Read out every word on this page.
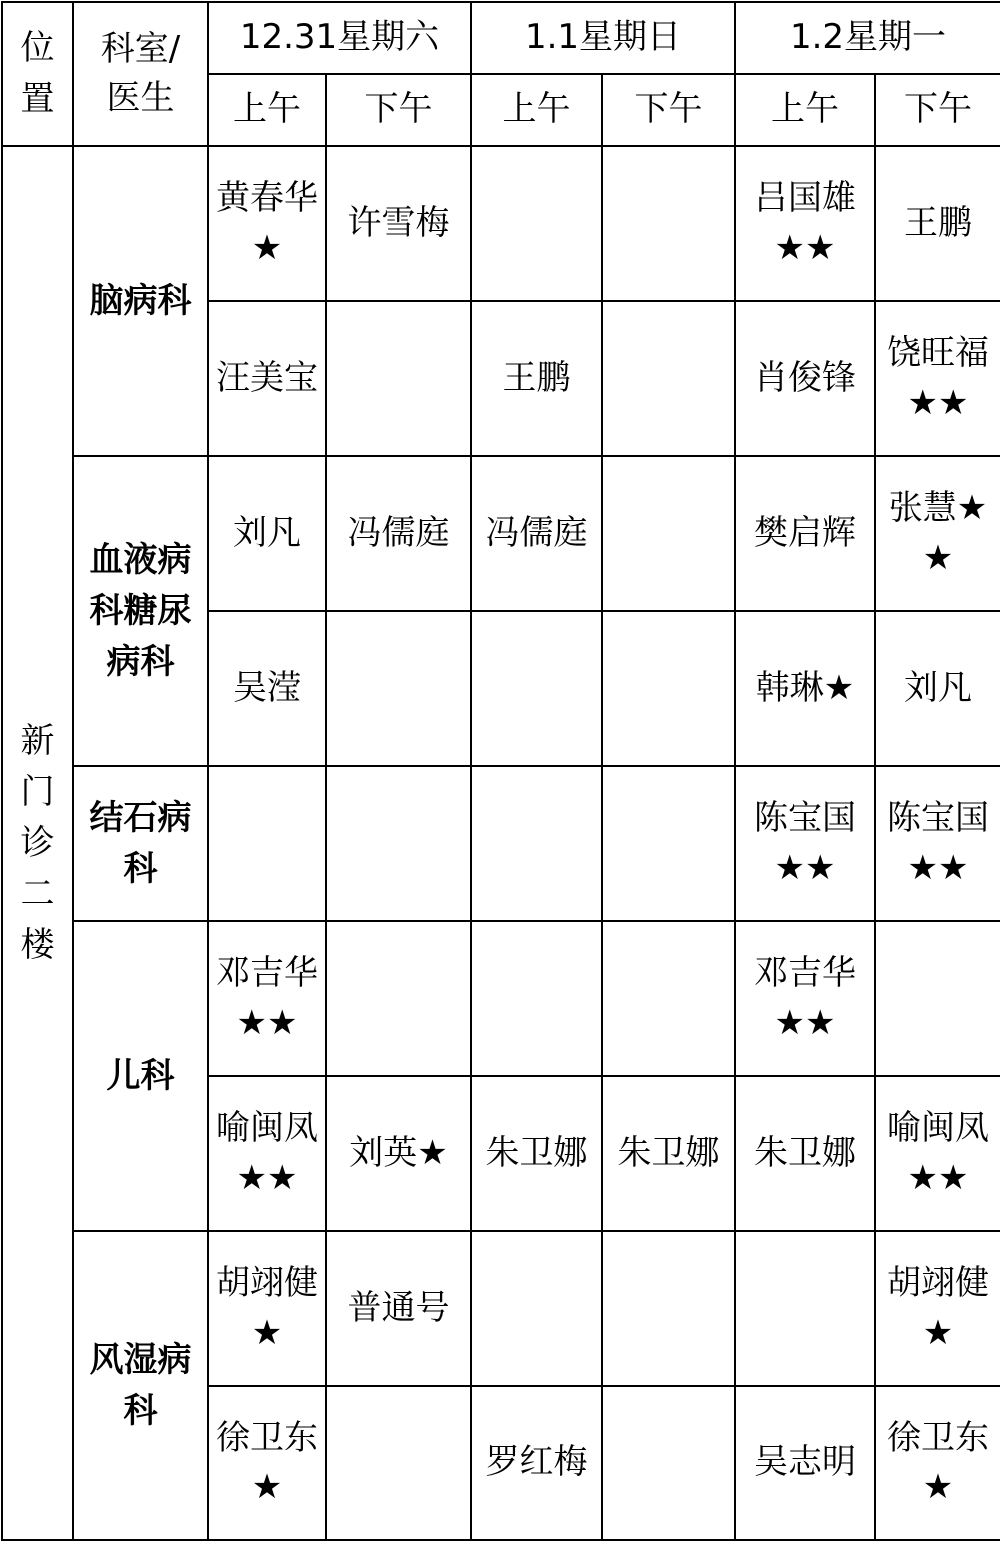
位置	科室/医生	12.31星期六		1.1星期日		1.2星期一	
		上午	下午	上午	下午	上午	下午
新门诊二楼	脑病科	黄春华★	许雪梅			吕国雄★★	王鹏
		汪美宝		王鹏		肖俊锋	饶旺福★★
	血液病科糖尿病科	刘凡	冯儒庭	冯儒庭		樊启辉	张慧★★
		吴滢				韩琳★	刘凡
	结石病科					陈宝国★★	陈宝国★★
	儿科	邓吉华★★				邓吉华★★	
		喻闽凤★★	刘英★	朱卫娜	朱卫娜	朱卫娜	喻闽凤★★
	风湿病科	胡翊健★	普通号				胡翊健★
		徐卫东★		罗红梅		吴志明	徐卫东★
